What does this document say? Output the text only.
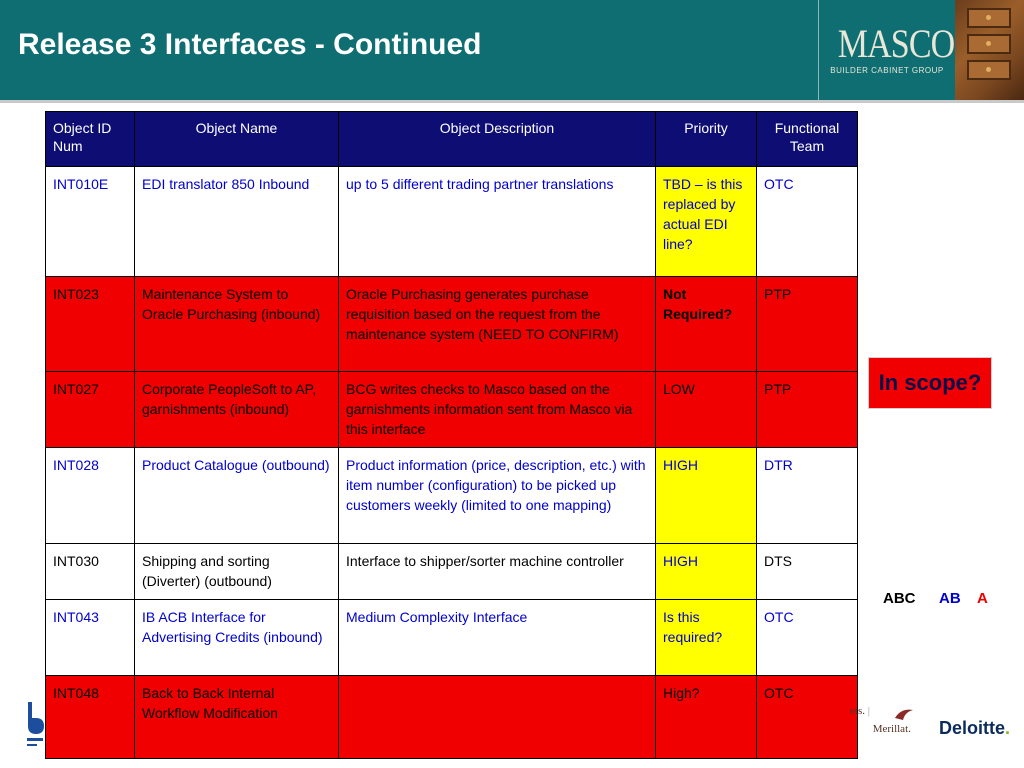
Release 3 Interfaces - Continued	MASCO
BUILDER CABINET GROUP
Object ID Num	Object Name	Object Description	Priority	Functional Team
INT010E	EDI translator 850 Inbound	up to 5 different trading partner translations	TBD – is this replaced by actual EDI line?	OTC
INT023	Maintenance System to Oracle Purchasing (inbound)	Oracle Purchasing generates purchase requisition based on the request from the maintenance system (NEED TO CONFIRM)	Not Required?	PTP
INT027	Corporate PeopleSoft to AP, garnishments (inbound)	BCG writes checks to Masco based on the garnishments information sent from Masco via this interface	LOW	PTP
INT028	Product Catalogue (outbound)	Product information (price, description, etc.) with item number (configuration) to be picked up customers weekly (limited to one mapping)	HIGH	DTR
INT030	Shipping and sorting (Diverter) (outbound)	Interface to shipper/sorter machine controller	HIGH	DTS
INT043	IB ACB Interface for Advertising Credits (inbound)	Medium Complexity Interface	Is this required?	OTC
INT048	Back to Back Internal Workflow Modification		High?	OTC
In scope?
ABC AB A
ets. | Merillat. Deloitte.
